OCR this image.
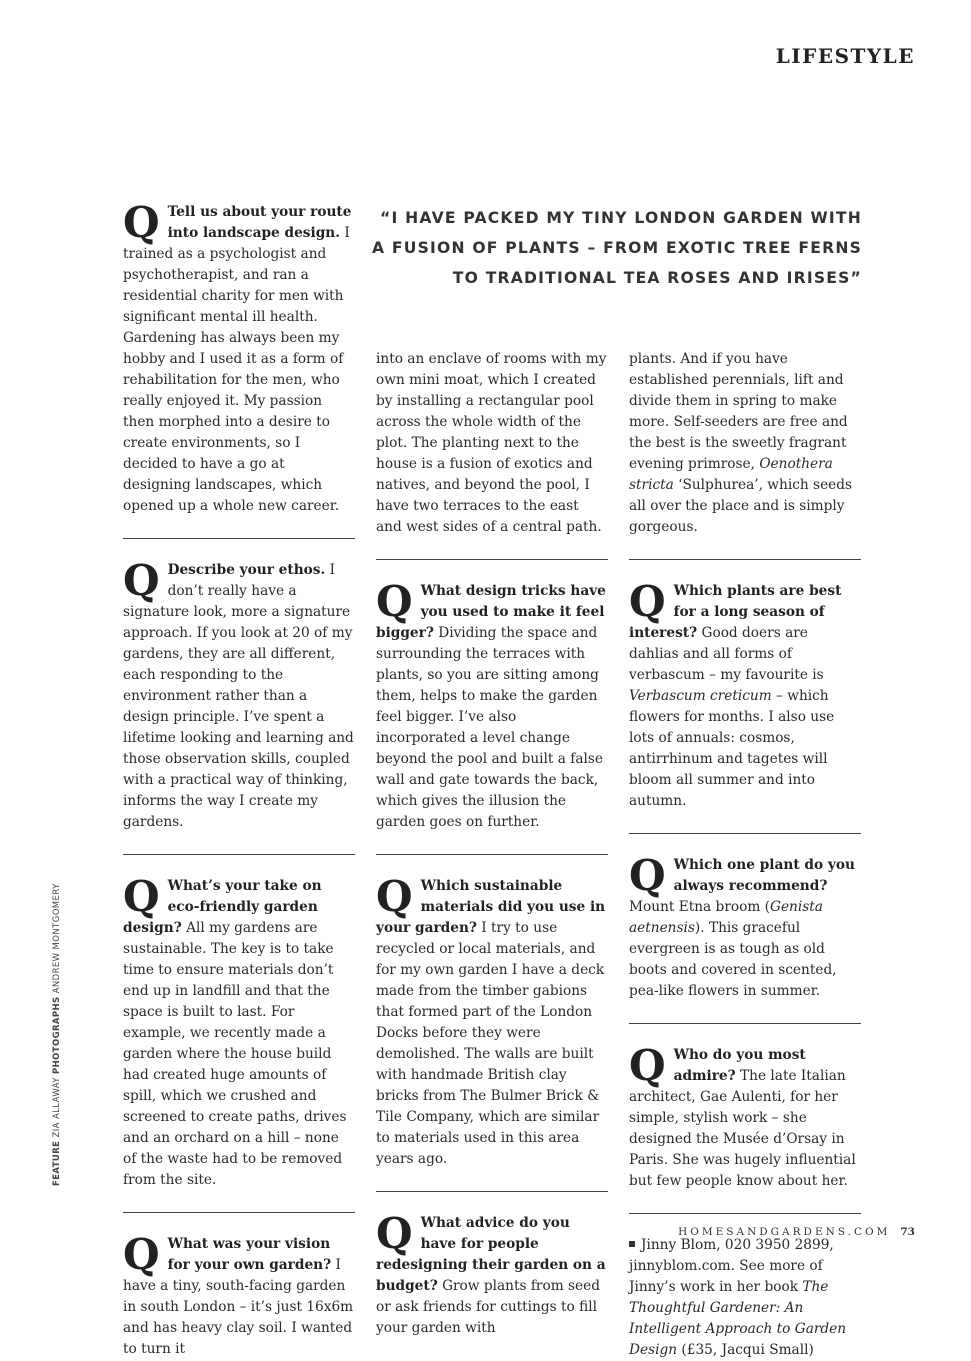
LIFESTYLE
“I HAVE PACKED MY TINY LONDON GARDEN WITH A FUSION OF PLANTS – FROM EXOTIC TREE FERNS TO TRADITIONAL TEA ROSES AND IRISES”
Q Tell us about your route into landscape design. I trained as a psychologist and psychotherapist, and ran a residential charity for men with significant mental ill health. Gardening has always been my hobby and I used it as a form of rehabilitation for the men, who really enjoyed it. My passion then morphed into a desire to create environments, so I decided to have a go at designing landscapes, which opened up a whole new career.

Q Describe your ethos. I don’t really have a signature look, more a signature approach. If you look at 20 of my gardens, they are all different, each responding to the environment rather than a design principle. I’ve spent a lifetime looking and learning and those observation skills, coupled with a practical way of thinking, informs the way I create my gardens.

Q What’s your take on eco-friendly garden design? All my gardens are sustainable. The key is to take time to ensure materials don’t end up in landfill and that the space is built to last. For example, we recently made a garden where the house build had created huge amounts of spill, which we crushed and screened to create paths, drives and an orchard on a hill – none of the waste had to be removed from the site.

Q What was your vision for your own garden? I have a tiny, south-facing garden in south London – it’s just 16x6m and has heavy clay soil. I wanted to turn it

into an enclave of rooms with my own mini moat, which I created by installing a rectangular pool across the whole width of the plot. The planting next to the house is a fusion of exotics and natives, and beyond the pool, I have two terraces to the east and west sides of a central path.

Q What design tricks have you used to make it feel bigger? Dividing the space and surrounding the terraces with plants, so you are sitting among them, helps to make the garden feel bigger. I’ve also incorporated a level change beyond the pool and built a false wall and gate towards the back, which gives the illusion the garden goes on further.

Q Which sustainable materials did you use in your garden? I try to use recycled or local materials, and for my own garden I have a deck made from the timber gabions that formed part of the London Docks before they were demolished. The walls are built with handmade British clay bricks from The Bulmer Brick & Tile Company, which are similar to materials used in this area years ago.

Q What advice do you have for people redesigning their garden on a budget? Grow plants from seed or ask friends for cuttings to fill your garden with

plants. And if you have established perennials, lift and divide them in spring to make more. Self-seeders are free and the best is the sweetly fragrant evening primrose, Oenothera stricta ‘Sulphurea’, which seeds all over the place and is simply gorgeous.

Q Which plants are best for a long season of interest? Good doers are dahlias and all forms of verbascum – my favourite is Verbascum creticum – which flowers for months. I also use lots of annuals: cosmos, antirrhinum and tagetes will bloom all summer and into autumn.

Q Which one plant do you always recommend? Mount Etna broom (Genista aetnensis). This graceful evergreen is as tough as old boots and covered in scented, pea-like flowers in summer.

Q Who do you most admire? The late Italian architect, Gae Aulenti, for her simple, stylish work – she designed the Musée d’Orsay in Paris. She was hugely influential but few people know about her.

Jinny Blom, 020 3950 2899, jinnyblom.com. See more of Jinny’s work in her book The Thoughtful Gardener: An Intelligent Approach to Garden Design (£35, Jacqui Small)

FEATURE ZIA ALLAWAY PHOTOGRAPHS ANDREW MONTGOMERY
HOMESANDGARDENS.COM 73
